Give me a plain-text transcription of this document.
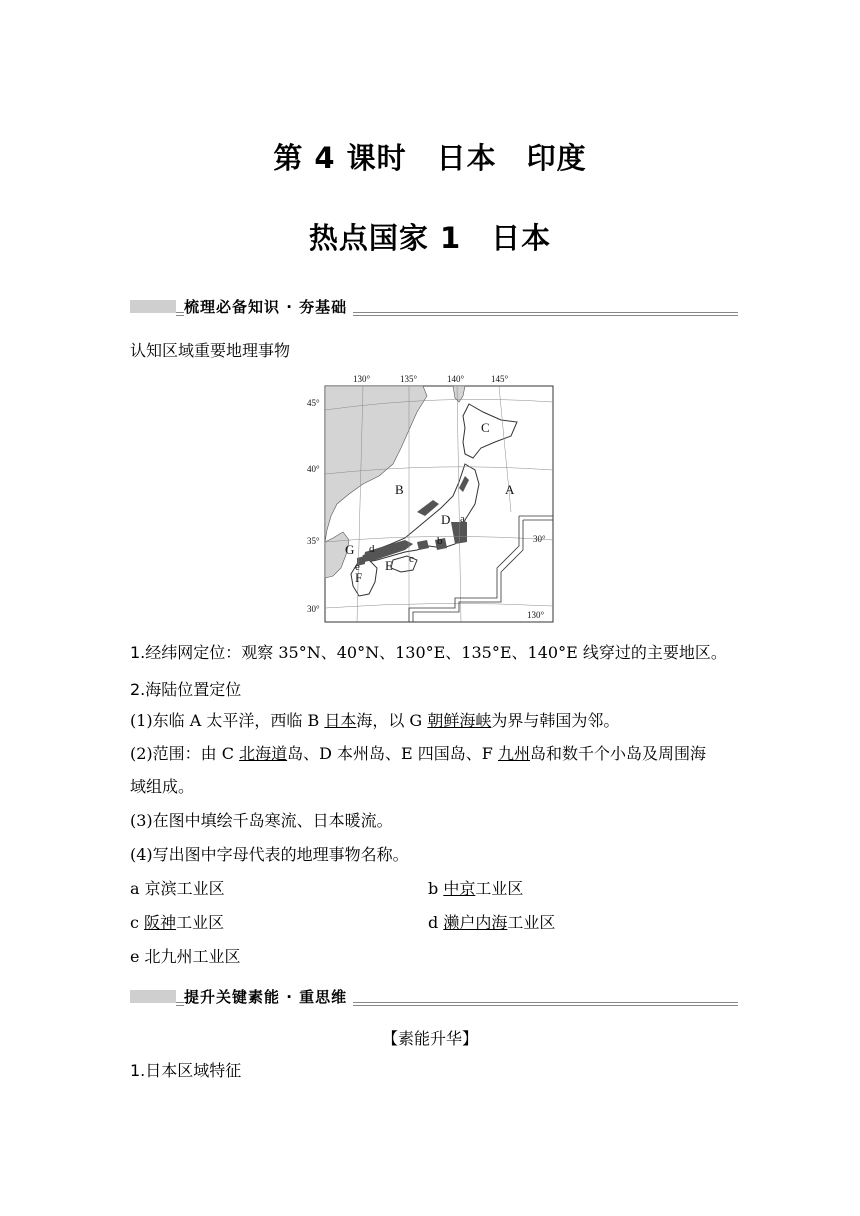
第 4 课时　日本　印度
热点国家 1　日本
梳理必备知识 · 夯基础
认知区域重要地理事物
130°	135°	140°	145°
45°
40°
35°
30°
30°
130°
A
B
C
D
E
F
G
a
b
c
d
e
1.经纬网定位：观察 35°N、40°N、130°E、135°E、140°E 线穿过的主要地区。
2.海陆位置定位
(1)东临 A 太平洋，西临 B 日本海，以 G 朝鲜海峡为界与韩国为邻。
(2)范围：由 C 北海道岛、D 本州岛、E 四国岛、F 九州岛和数千个小岛及周围海
域组成。
(3)在图中填绘千岛寒流、日本暖流。
(4)写出图中字母代表的地理事物名称。
a 京滨工业区	b 中京工业区
c 阪神工业区	d 濑户内海工业区
e 北九州工业区
提升关键素能 · 重思维
【素能升华】
1.日本区域特征
